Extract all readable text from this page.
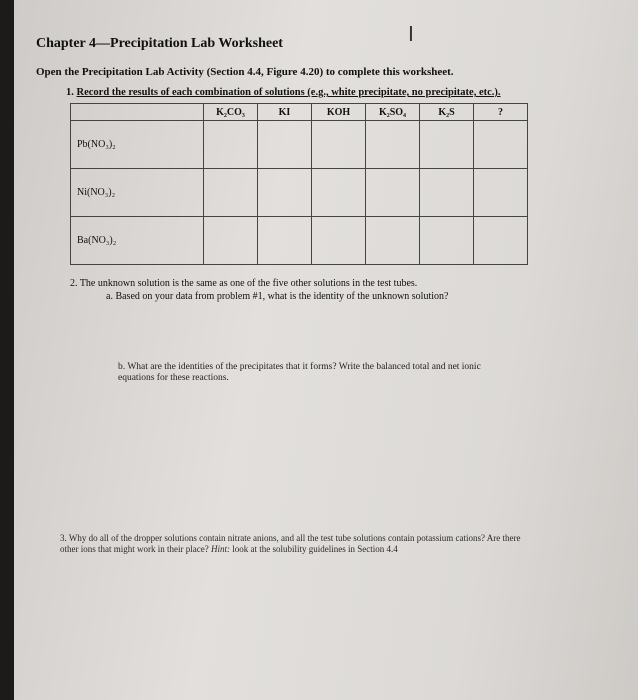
I
Chapter 4—Precipitation Lab Worksheet
Open the Precipitation Lab Activity (Section 4.4, Figure 4.20) to complete this worksheet.
1. Record the results of each combination of solutions (e.g., white precipitate, no precipitate, etc.).
	K₂CO₃	KI	KOH	K₂SO₄	K₂S	?
Pb(NO₃)₂						
Ni(NO₃)₂						
Ba(NO₃)₂						
2. The unknown solution is the same as one of the five other solutions in the test tubes.
a. Based on your data from problem #1, what is the identity of the unknown solution?
b. What are the identities of the precipitates that it forms? Write the balanced total and net ionic equations for these reactions.
3. Why do all of the dropper solutions contain nitrate anions, and all the test tube solutions contain potassium cations? Are there other ions that might work in their place? Hint: look at the solubility guidelines in Section 4.4
